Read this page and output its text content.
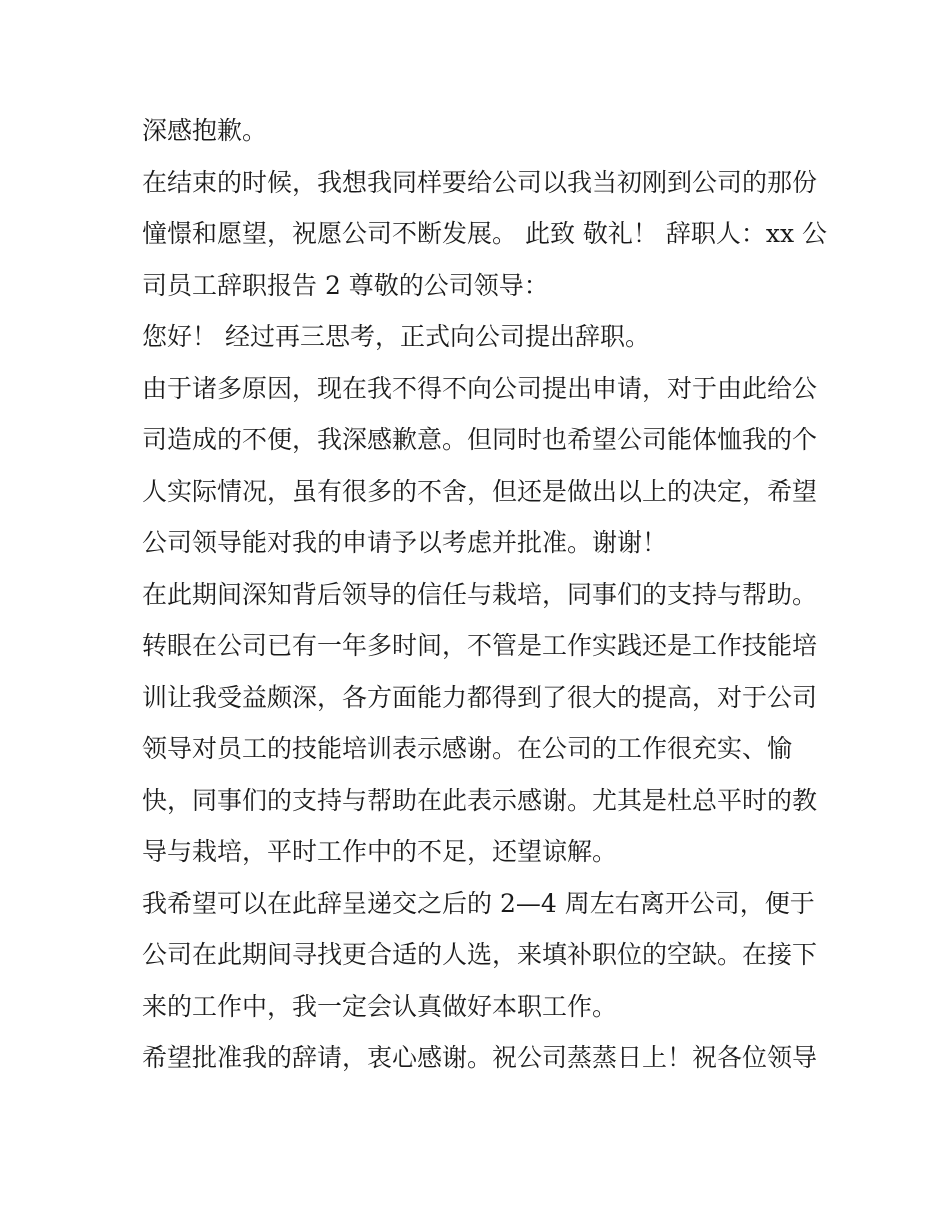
深感抱歉。
在结束的时候，我想我同样要给公司以我当初刚到公司的那份
憧憬和愿望，祝愿公司不断发展。 此致 敬礼！ 辞职人：xx 公
司员工辞职报告 2 尊敬的公司领导：
您好！ 经过再三思考，正式向公司提出辞职。
由于诸多原因，现在我不得不向公司提出申请，对于由此给公
司造成的不便，我深感歉意。但同时也希望公司能体恤我的个
人实际情况，虽有很多的不舍，但还是做出以上的决定，希望
公司领导能对我的申请予以考虑并批准。谢谢！
在此期间深知背后领导的信任与栽培，同事们的支持与帮助。
转眼在公司已有一年多时间，不管是工作实践还是工作技能培
训让我受益颇深，各方面能力都得到了很大的提高，对于公司
领导对员工的技能培训表示感谢。在公司的工作很充实、愉
快，同事们的支持与帮助在此表示感谢。尤其是杜总平时的教
导与栽培，平时工作中的不足，还望谅解。
我希望可以在此辞呈递交之后的 2—4 周左右离开公司，便于
公司在此期间寻找更合适的人选，来填补职位的空缺。在接下
来的工作中，我一定会认真做好本职工作。
希望批准我的辞请，衷心感谢。祝公司蒸蒸日上！祝各位领导
